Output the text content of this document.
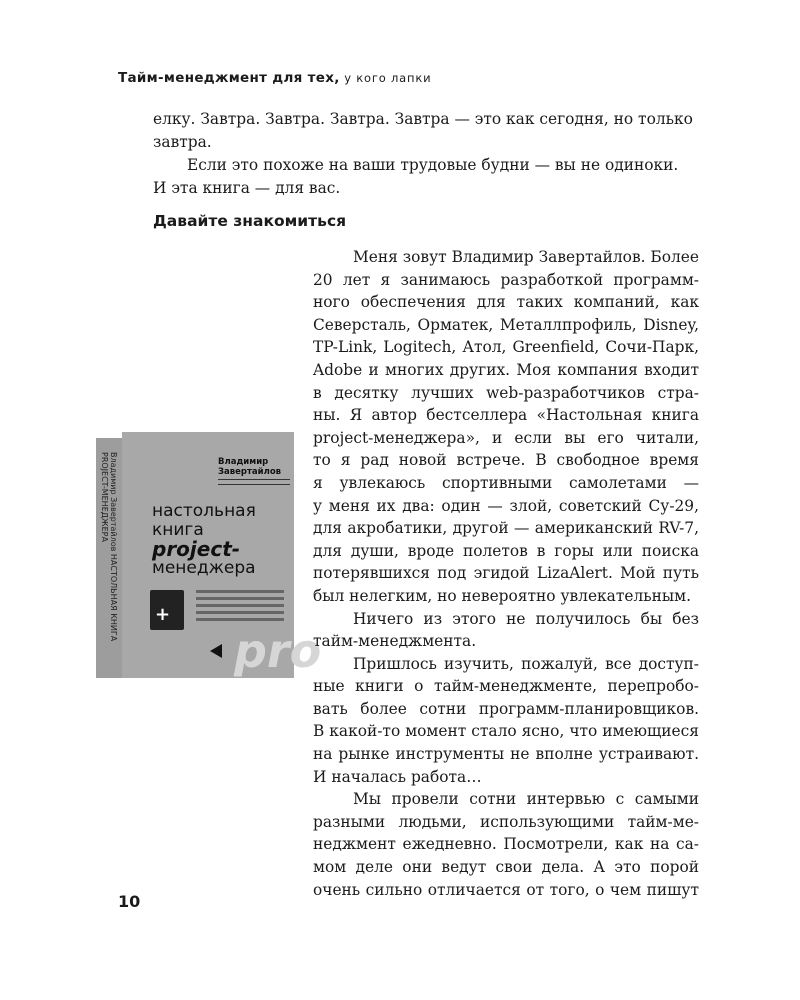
Тайм-менеджмент для тех, у кого лапки

елку. Завтра. Завтра. Завтра. Завтра — это как сегодня, но только

завтра.

Если это похоже на ваши трудовые будни — вы не одиноки.

И эта книга — для вас.

Давайте знакомиться
Владимир Завертайлов НАСТОЛЬНАЯ КНИГА PROJECT-МЕНЕДЖЕРА	Владимир Завертайлов
настольная
книга
project-
менеджера
+
pro

Меня зовут Владимир Завертайлов. Более

20 лет я занимаюсь разработкой программ-

ного обеспечения для таких компаний, как

Северсталь, Орматек, Металлпрофиль, Disney,

TP-Link, Logitech, Атол, Greenfield, Сочи-Парк,

Adobe и многих других. Моя компания входит

в десятку лучших web-разработчиков стра-

ны. Я автор бестселлера «Настольная книга

project-менеджера», и если вы его читали,

то я рад новой встрече. В свободное время

я увлекаюсь спортивными самолетами —

у меня их два: один — злой, советский Су-29,

для акробатики, другой — американский RV-7,

для души, вроде полетов в горы или поиска

потерявшихся под эгидой LizaAlert. Мой путь

был нелегким, но невероятно увлекательным.

Ничего из этого не получилось бы без

тайм-менеджмента.

Пришлось изучить, пожалуй, все доступ-

ные книги о тайм-менеджменте, перепробо-

вать более сотни программ-планировщиков.

В какой-то момент стало ясно, что имеющиеся

на рынке инструменты не вполне устраивают.

И началась работа…

Мы провели сотни интервью с самыми

разными людьми, использующими тайм-ме-

неджмент ежедневно. Посмотрели, как на са-

мом деле они ведут свои дела. А это порой

очень сильно отличается от того, о чем пишут

10
